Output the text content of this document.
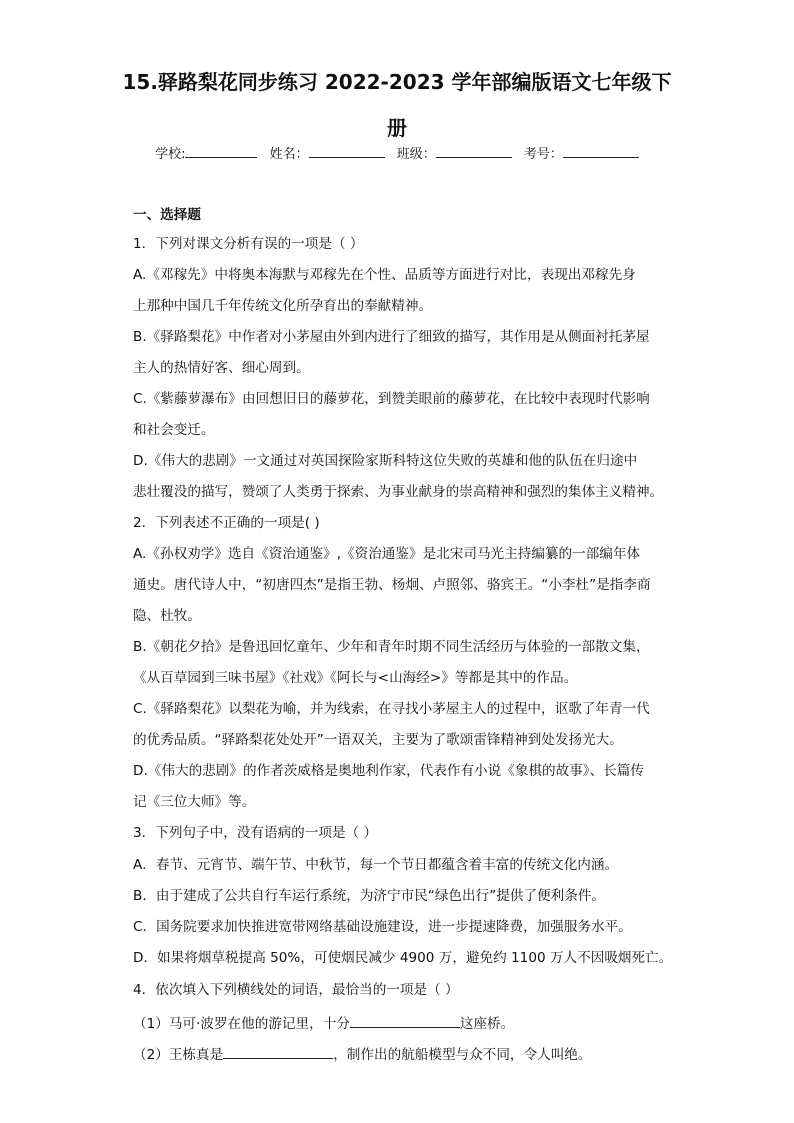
15.驿路梨花同步练习 2022-2023 学年部编版语文七年级下
册
学校:	姓名：	班级：	考号：
一、选择题
1．下列对课文分析有误的一项是（ ）
A.《邓稼先》中将奥本海默与邓稼先在个性、品质等方面进行对比，表现出邓稼先身
上那种中国几千年传统文化所孕育出的奉献精神。
B.《驿路梨花》中作者对小茅屋由外到内进行了细致的描写，其作用是从侧面衬托茅屋
主人的热情好客、细心周到。
C.《紫藤萝瀑布》由回想旧日的藤萝花，到赞美眼前的藤萝花，在比较中表现时代影响
和社会变迁。
D.《伟大的悲剧》一文通过对英国探险家斯科特这位失败的英雄和他的队伍在归途中
悲壮覆没的描写，赞颂了人类勇于探索、为事业献身的崇高精神和强烈的集体主义精神。
2．下列表述不正确的一项是( )
A.《孙权劝学》选自《资治通鉴》,《资治通鉴》是北宋司马光主持编纂的一部编年体
通史。唐代诗人中，“初唐四杰”是指王勃、杨炯、卢照邻、骆宾王。“小李杜”是指李商
隐、杜牧。
B.《朝花夕拾》是鲁迅回忆童年、少年和青年时期不同生活经历与体验的一部散文集，
《从百草园到三味书屋》《社戏》《阿长与<山海经>》等都是其中的作品。
C.《驿路梨花》以梨花为喻，并为线索，在寻找小茅屋主人的过程中，讴歌了年青一代
的优秀品质。“驿路梨花处处开”一语双关，主要为了歌颂雷锋精神到处发扬光大。
D.《伟大的悲剧》的作者茨威格是奥地利作家，代表作有小说《象棋的故事》、长篇传
记《三位大师》等。
3．下列句子中，没有语病的一项是（ ）
A．春节、元宵节、端午节、中秋节，每一个节日都蕴含着丰富的传统文化内涵。
B．由于建成了公共自行车运行系统，为济宁市民“绿色出行”提供了便利条件。
C．国务院要求加快推进宽带网络基础设施建设，进一步提速降费，加强服务水平。
D．如果将烟草税提高 50%，可使烟民减少 4900 万，避免约 1100 万人不因吸烟死亡。
4．依次填入下列横线处的词语，最恰当的一项是（ ）
（1）马可·波罗在他的游记里，十分	这座桥。
（2）王栋真是	，制作出的航船模型与众不同，令人叫绝。
